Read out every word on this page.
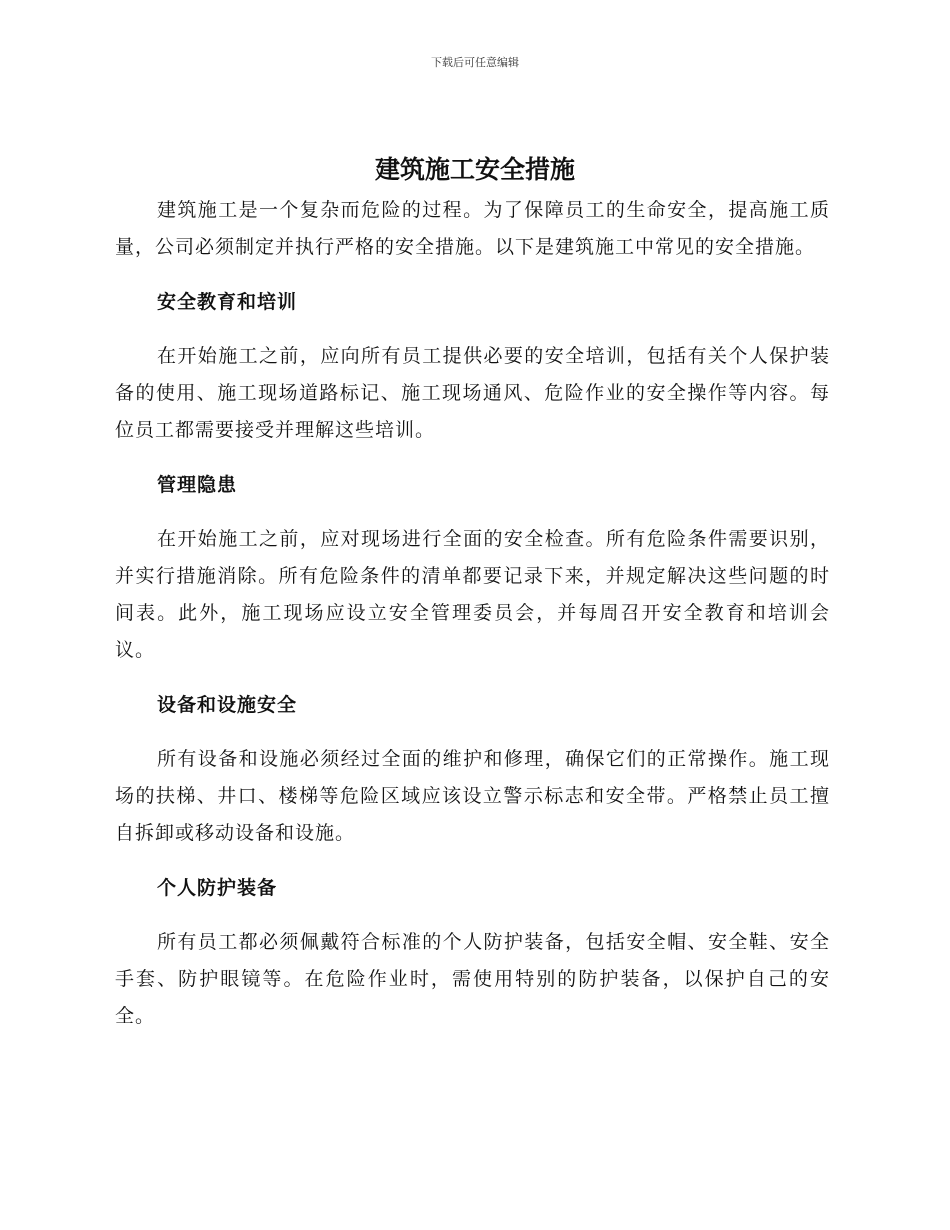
下载后可任意编辑
建筑施工安全措施

建筑施工是一个复杂而危险的过程。为了保障员工的生命安全，提高施工质量，公司必须制定并执行严格的安全措施。以下是建筑施工中常见的安全措施。

安全教育和培训

在开始施工之前，应向所有员工提供必要的安全培训，包括有关个人保护装备的使用、施工现场道路标记、施工现场通风、危险作业的安全操作等内容。每位员工都需要接受并理解这些培训。

管理隐患

在开始施工之前，应对现场进行全面的安全检查。所有危险条件需要识别，并实行措施消除。所有危险条件的清单都要记录下来，并规定解决这些问题的时间表。此外，施工现场应设立安全管理委员会，并每周召开安全教育和培训会议。

设备和设施安全

所有设备和设施必须经过全面的维护和修理，确保它们的正常操作。施工现场的扶梯、井口、楼梯等危险区域应该设立警示标志和安全带。严格禁止员工擅自拆卸或移动设备和设施。

个人防护装备

所有员工都必须佩戴符合标准的个人防护装备，包括安全帽、安全鞋、安全手套、防护眼镜等。在危险作业时，需使用特别的防护装备，以保护自己的安全。
